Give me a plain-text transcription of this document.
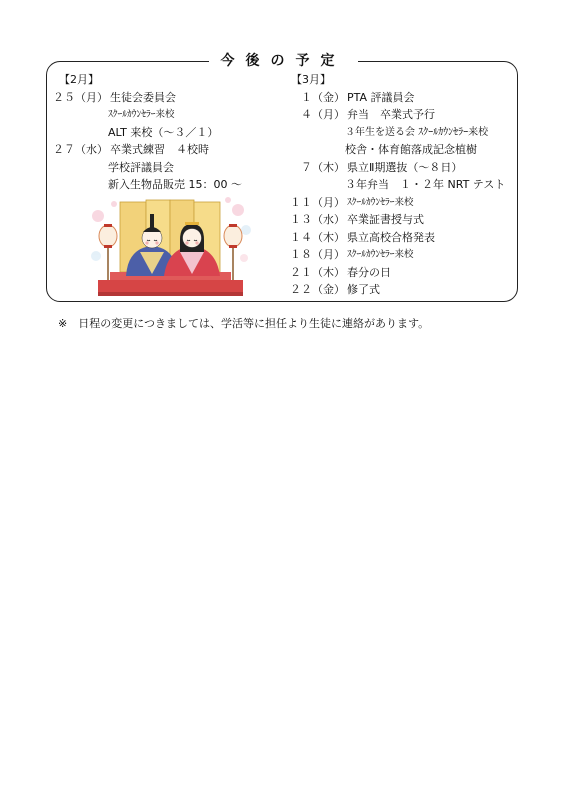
今後の予定
【2月】
２５（月） 生徒会委員会
ｽｸｰﾙｶｳﾝｾﾗｰ来校
ALT 来校（～３／１）
２７（水） 卒業式練習　４校時
学校評議員会
新入生物品販売 15：00 ～
【3月】
１（金） PTA 評議員会
４（月） 弁当　卒業式予行
３年生を送る会 ｽｸｰﾙｶｳﾝｾﾗｰ来校
校舎・体育館落成記念植樹
７（木） 県立Ⅱ期選抜（～８日）
３年弁当　１・２年 NRT テスト
１１（月） ｽｸｰﾙｶｳﾝｾﾗｰ来校
１３（水） 卒業証書授与式
１４（木） 県立高校合格発表
１８（月） ｽｸｰﾙｶｳﾝｾﾗｰ来校
２１（木） 春分の日
２２（金） 修了式
※　日程の変更につきましては、学活等に担任より生徒に連絡があります。
